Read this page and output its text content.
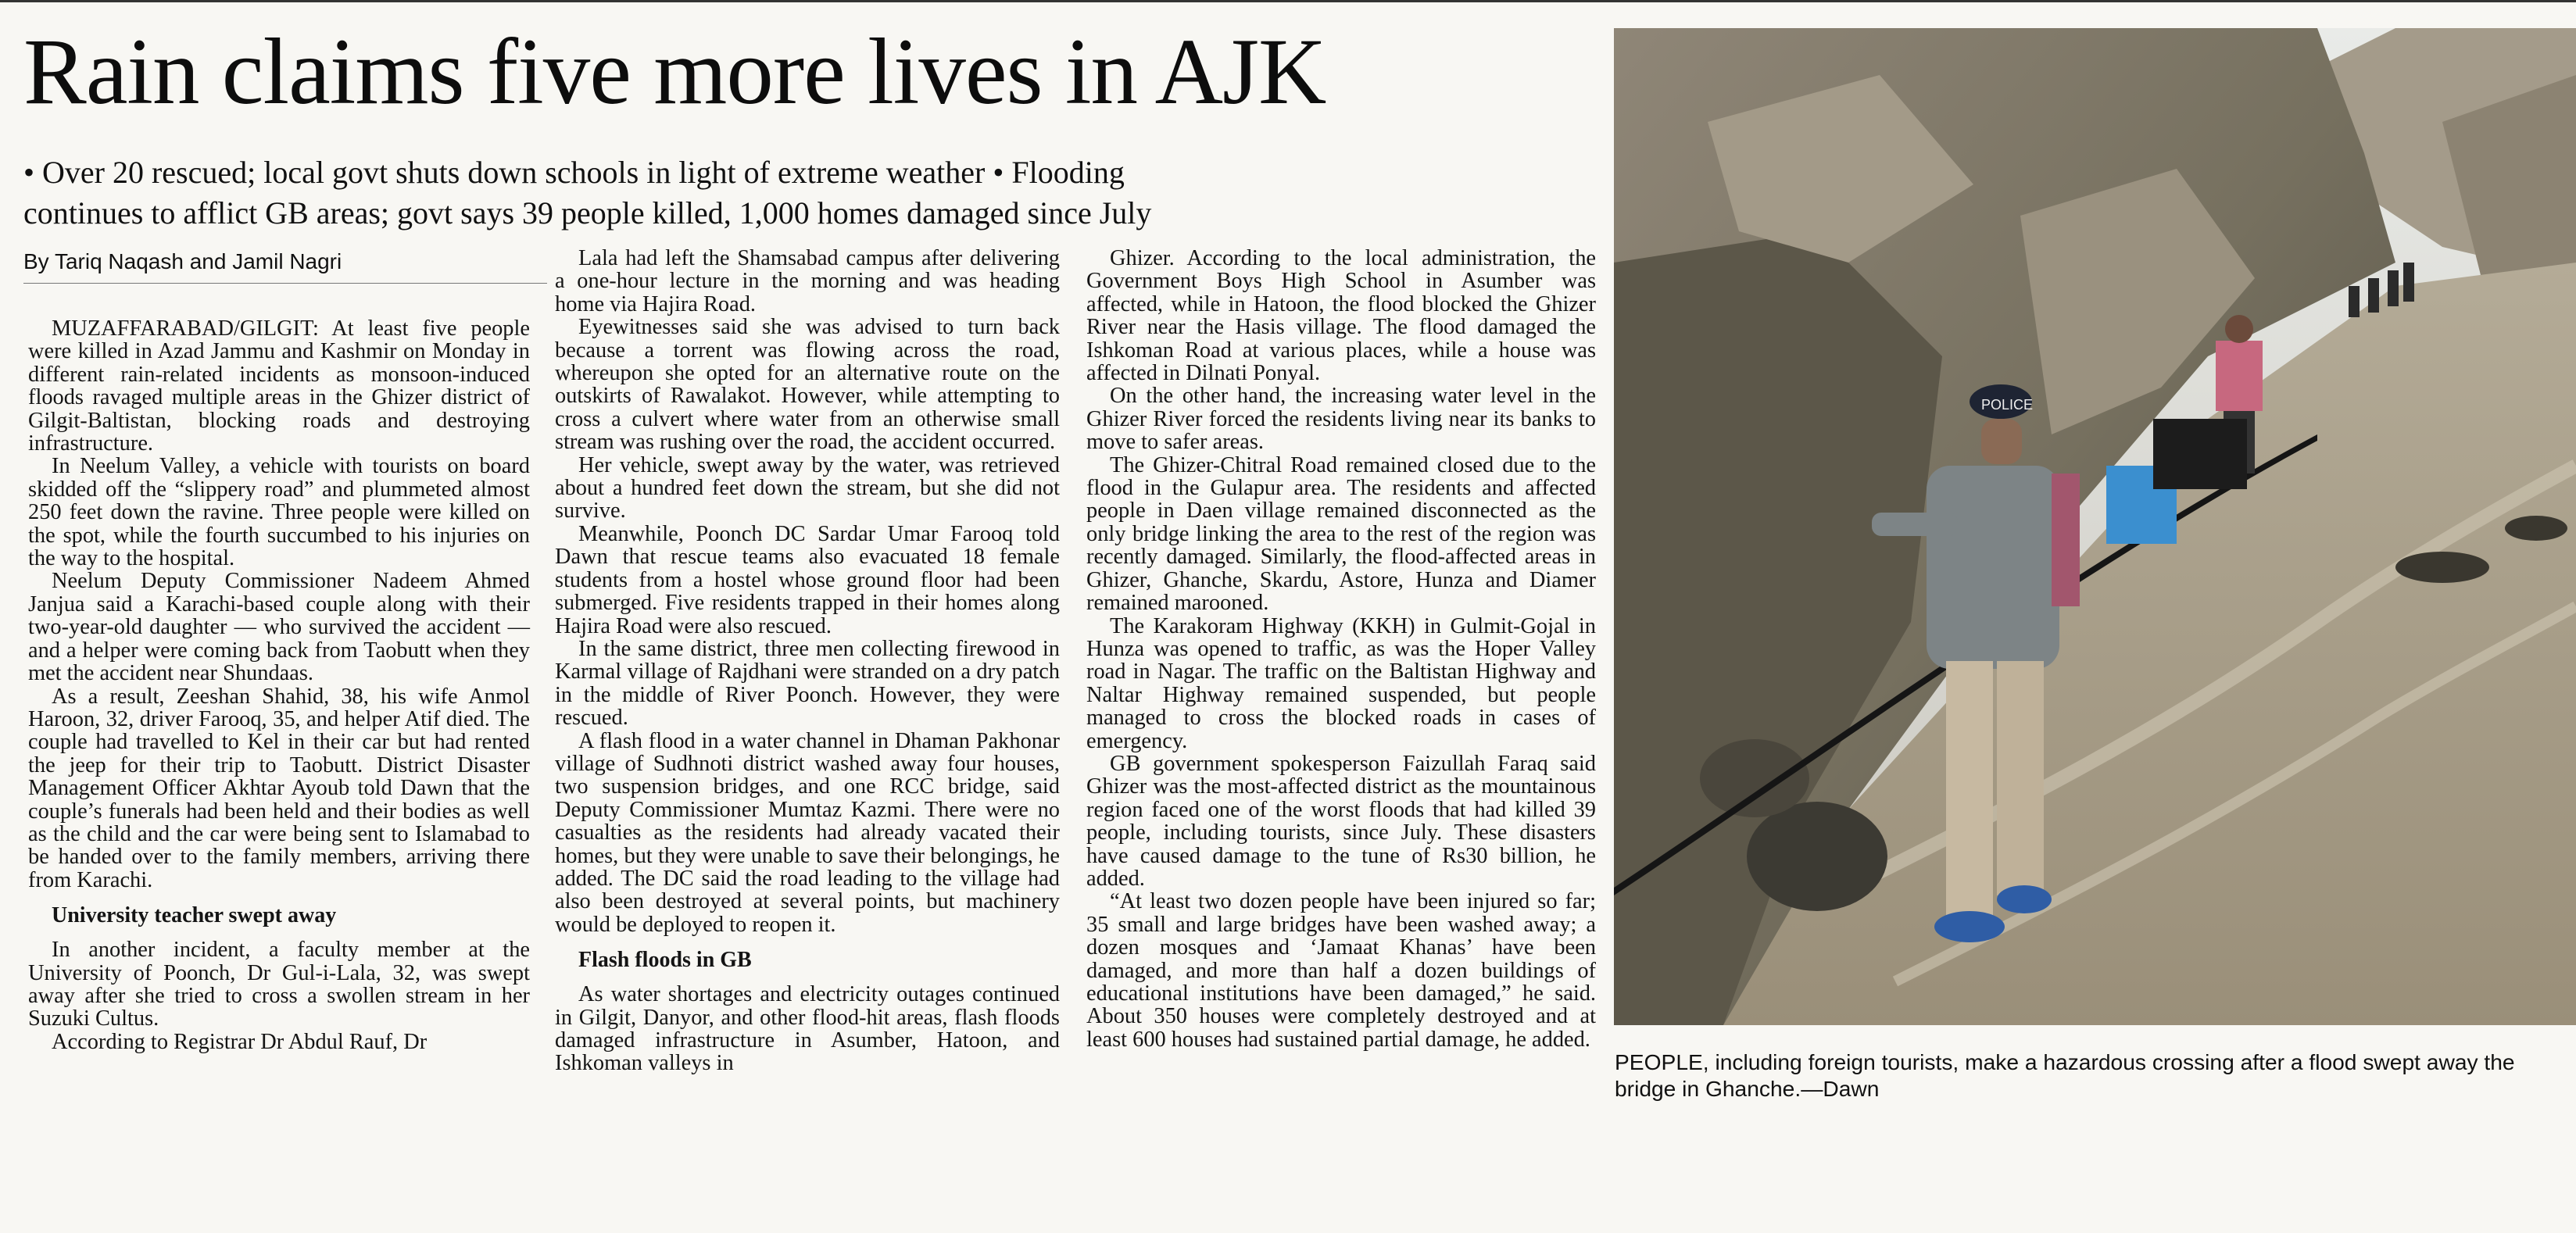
Rain claims five more lives in AJK
• Over 20 rescued; local govt shuts down schools in light of extreme weather • Flooding
continues to afflict GB areas; govt says 39 people killed, 1,000 homes damaged since July
By Tariq Naqash and Jamil Nagri

MUZAFFARABAD/GILGIT: At least five people were killed in Azad Jammu and Kashmir on Monday in different rain-related incidents as monsoon-induced floods ravaged multiple areas in the Ghizer district of Gilgit-Baltistan, blocking roads and destroying infrastructure.

In Neelum Valley, a vehicle with tourists on board skidded off the “slippery road” and plummeted almost 250 feet down the ravine. Three people were killed on the spot, while the fourth succumbed to his injuries on the way to the hospital.

Neelum Deputy Commissioner Nadeem Ahmed Janjua said a Karachi-based couple along with their two-year-old daughter — who survived the accident — and a helper were coming back from Taobutt when they met the accident near Shundaas.

As a result, Zeeshan Shahid, 38, his wife Anmol Haroon, 32, driver Farooq, 35, and helper Atif died. The couple had travelled to Kel in their car but had rented the jeep for their trip to Taobutt. District Disaster Management Officer Akhtar Ayoub told Dawn that the couple’s funerals had been held and their bodies as well as the child and the car were being sent to Islamabad to be handed over to the family members, arriving there from Karachi.

University teacher swept away

In another incident, a faculty member at the University of Poonch, Dr Gul-i-Lala, 32, was swept away after she tried to cross a swollen stream in her Suzuki Cultus.

According to Registrar Dr Abdul Rauf, Dr

Lala had left the Shamsabad campus after delivering a one-hour lecture in the morning and was heading home via Hajira Road.

Eyewitnesses said she was advised to turn back because a torrent was flowing across the road, whereupon she opted for an alternative route on the outskirts of Rawalakot. However, while attempting to cross a culvert where water from an otherwise small stream was rushing over the road, the accident occurred.

Her vehicle, swept away by the water, was retrieved about a hundred feet down the stream, but she did not survive.

Meanwhile, Poonch DC Sardar Umar Farooq told Dawn that rescue teams also evacuated 18 female students from a hostel whose ground floor had been submerged. Five residents trapped in their homes along Hajira Road were also rescued.

In the same district, three men collecting firewood in Karmal village of Rajdhani were stranded on a dry patch in the middle of River Poonch. However, they were rescued.

A flash flood in a water channel in Dhaman Pakhonar village of Sudhnoti district washed away four houses, two suspension bridges, and one RCC bridge, said Deputy Commissioner Mumtaz Kazmi. There were no casualties as the residents had already vacated their homes, but they were unable to save their belongings, he added. The DC said the road leading to the village had also been destroyed at several points, but machinery would be deployed to reopen it.

Flash floods in GB

As water shortages and electricity outages continued in Gilgit, Danyor, and other flood-hit areas, flash floods damaged infrastructure in Asumber, Hatoon, and Ishkoman valleys in

Ghizer. According to the local administration, the Government Boys High School in Asumber was affected, while in Hatoon, the flood blocked the Ghizer River near the Hasis village. The flood damaged the Ishkoman Road at various places, while a house was affected in Dilnati Ponyal.

On the other hand, the increasing water level in the Ghizer River forced the residents living near its banks to move to safer areas.

The Ghizer-Chitral Road remained closed due to the flood in the Gulapur area. The residents and affected people in Daen village remained disconnected as the only bridge linking the area to the rest of the region was recently damaged. Similarly, the flood-affected areas in Ghizer, Ghanche, Skardu, Astore, Hunza and Diamer remained marooned.

The Karakoram Highway (KKH) in Gulmit-Gojal in Hunza was opened to traffic, as was the Hoper Valley road in Nagar. The traffic on the Baltistan Highway and Naltar Highway remained suspended, but people managed to cross the blocked roads in cases of emergency.

GB government spokesperson Faizullah Faraq said Ghizer was the most-affected district as the mountainous region faced one of the worst floods that had killed 39 people, including tourists, since July. These disasters have caused damage to the tune of Rs30 billion, he added.

“At least two dozen people have been injured so far; 35 small and large bridges have been washed away; a dozen mosques and ‘Jamaat Khanas’ have been damaged, and more than half a dozen buildings of educational institutions have been damaged,” he said. About 350 houses were completely destroyed and at least 600 houses had sustained partial damage, he added.

POLICE
PEOPLE, including foreign tourists, make a hazardous crossing after a flood swept away the bridge in Ghanche.—Dawn
